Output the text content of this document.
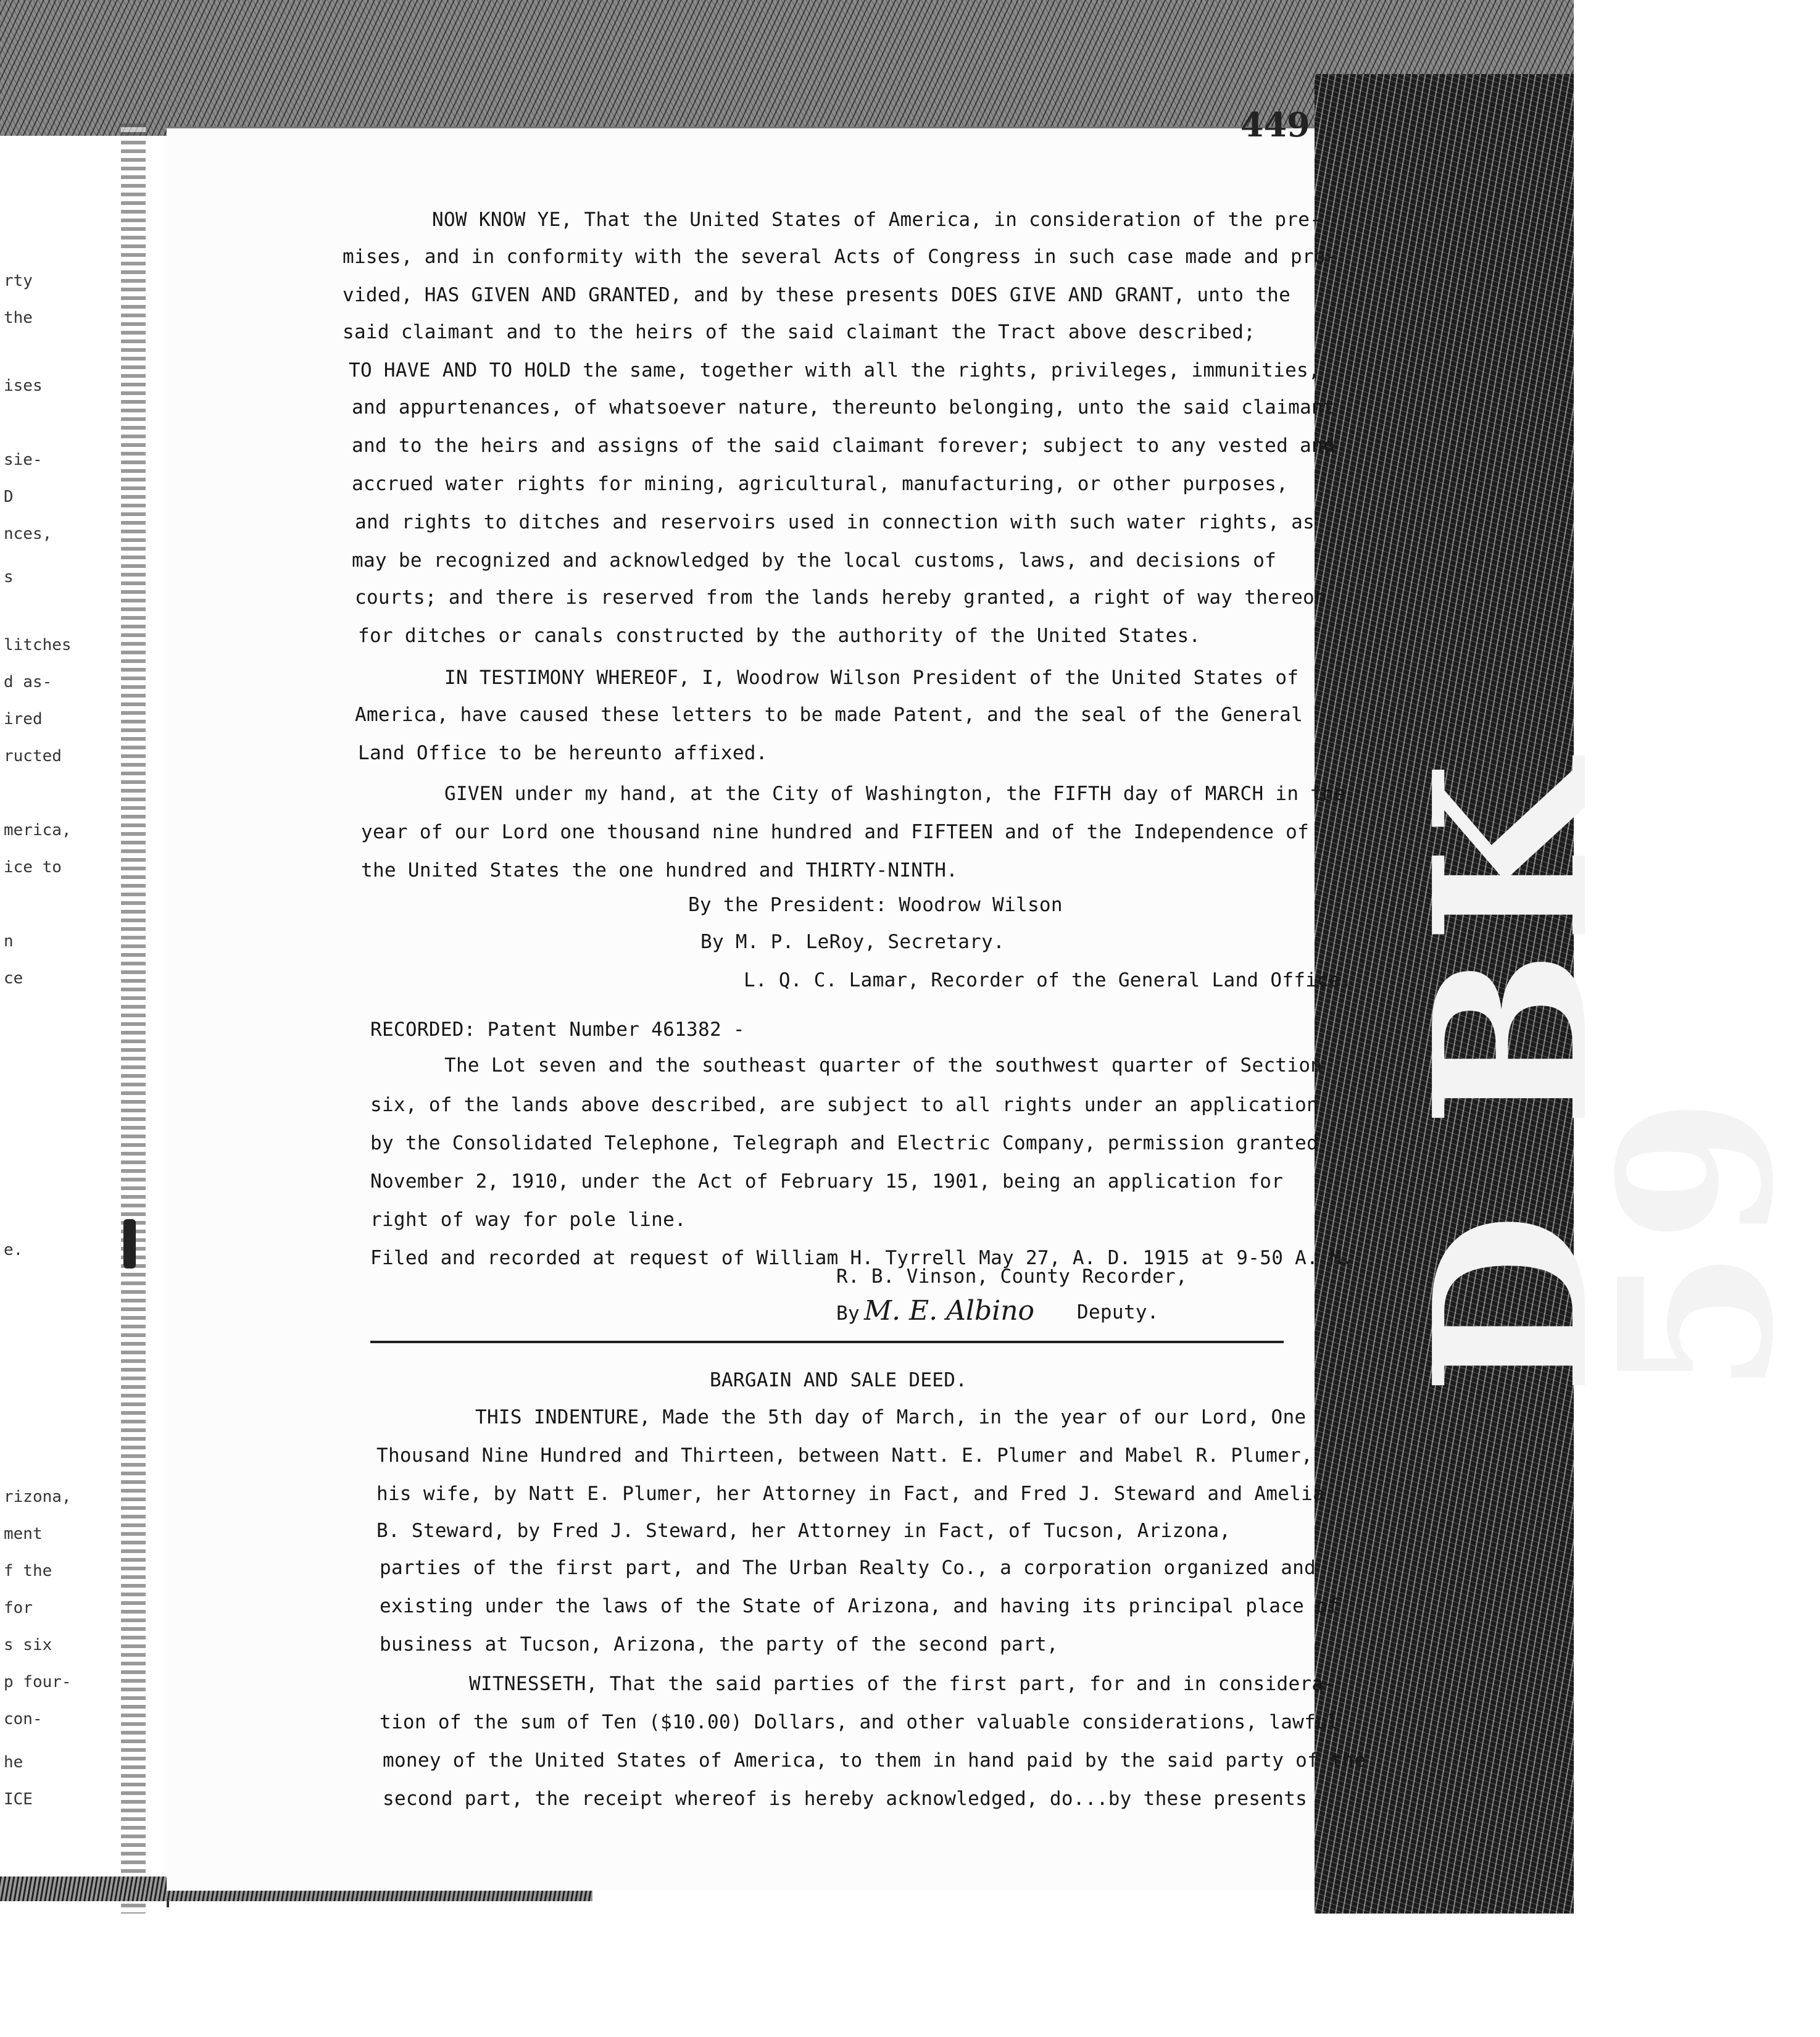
D BK 59
449
rty
the
ises
sie-
D
nces,
s
litches
d as-
ired
ructed
merica,
ice to
n
ce
e.
rizona,
ment
f the
for
s six
p four-
con-
he
ICE
NOW KNOW YE, That the United States of America, in consideration of the pre-
mises, and in conformity with the several Acts of Congress in such case made and pro-
vided, HAS GIVEN AND GRANTED, and by these presents DOES GIVE AND GRANT, unto the
said claimant and to the heirs of the said claimant the Tract above described;
TO HAVE AND TO HOLD the same, together with all the rights, privileges, immunities,
and appurtenances, of whatsoever nature, thereunto belonging, unto the said claimant
and to the heirs and assigns of the said claimant forever; subject to any vested and
accrued water rights for mining, agricultural, manufacturing, or other purposes,
and rights to ditches and reservoirs used in connection with such water rights, as
may be recognized and acknowledged by the local customs, laws, and decisions of
courts; and there is reserved from the lands hereby granted, a right of way thereon
for ditches or canals constructed by the authority of the United States.
IN TESTIMONY WHEREOF, I, Woodrow Wilson President of the United States of
America, have caused these letters to be made Patent, and the seal of the General
Land Office to be hereunto affixed.
GIVEN under my hand, at the City of Washington, the FIFTH day of MARCH in the
year of our Lord one thousand nine hundred and FIFTEEN and of the Independence of
the United States the one hundred and THIRTY-NINTH.
By the President: Woodrow Wilson
By M. P. LeRoy, Secretary.
L. Q. C. Lamar, Recorder of the General Land Office.
RECORDED: Patent Number 461382 -
The Lot seven and the southeast quarter of the southwest quarter of Section
six, of the lands above described, are subject to all rights under an application
by the Consolidated Telephone, Telegraph and Electric Company, permission granted
November 2, 1910, under the Act of February 15, 1901, being an application for
right of way for pole line.
Filed and recorded at request of William H. Tyrrell May 27, A. D. 1915 at 9-50 A. M.
R. B. Vinson, County Recorder,
By	Deputy.
M. E. Albino
BARGAIN AND SALE DEED.
THIS INDENTURE, Made the 5th day of March, in the year of our Lord, One
Thousand Nine Hundred and Thirteen, between Natt. E. Plumer and Mabel R. Plumer,
his wife, by Natt E. Plumer, her Attorney in Fact, and Fred J. Steward and Amelia
B. Steward, by Fred J. Steward, her Attorney in Fact, of Tucson, Arizona,
parties of the first part, and The Urban Realty Co., a corporation organized and
existing under the laws of the State of Arizona, and having its principal place of
business at Tucson, Arizona, the party of the second part,
WITNESSETH, That the said parties of the first part, for and in considera-
tion of the sum of Ten ($10.00) Dollars, and other valuable considerations, lawful
money of the United States of America, to them in hand paid by the said party of the
second part, the receipt whereof is hereby acknowledged, do...by these presents
